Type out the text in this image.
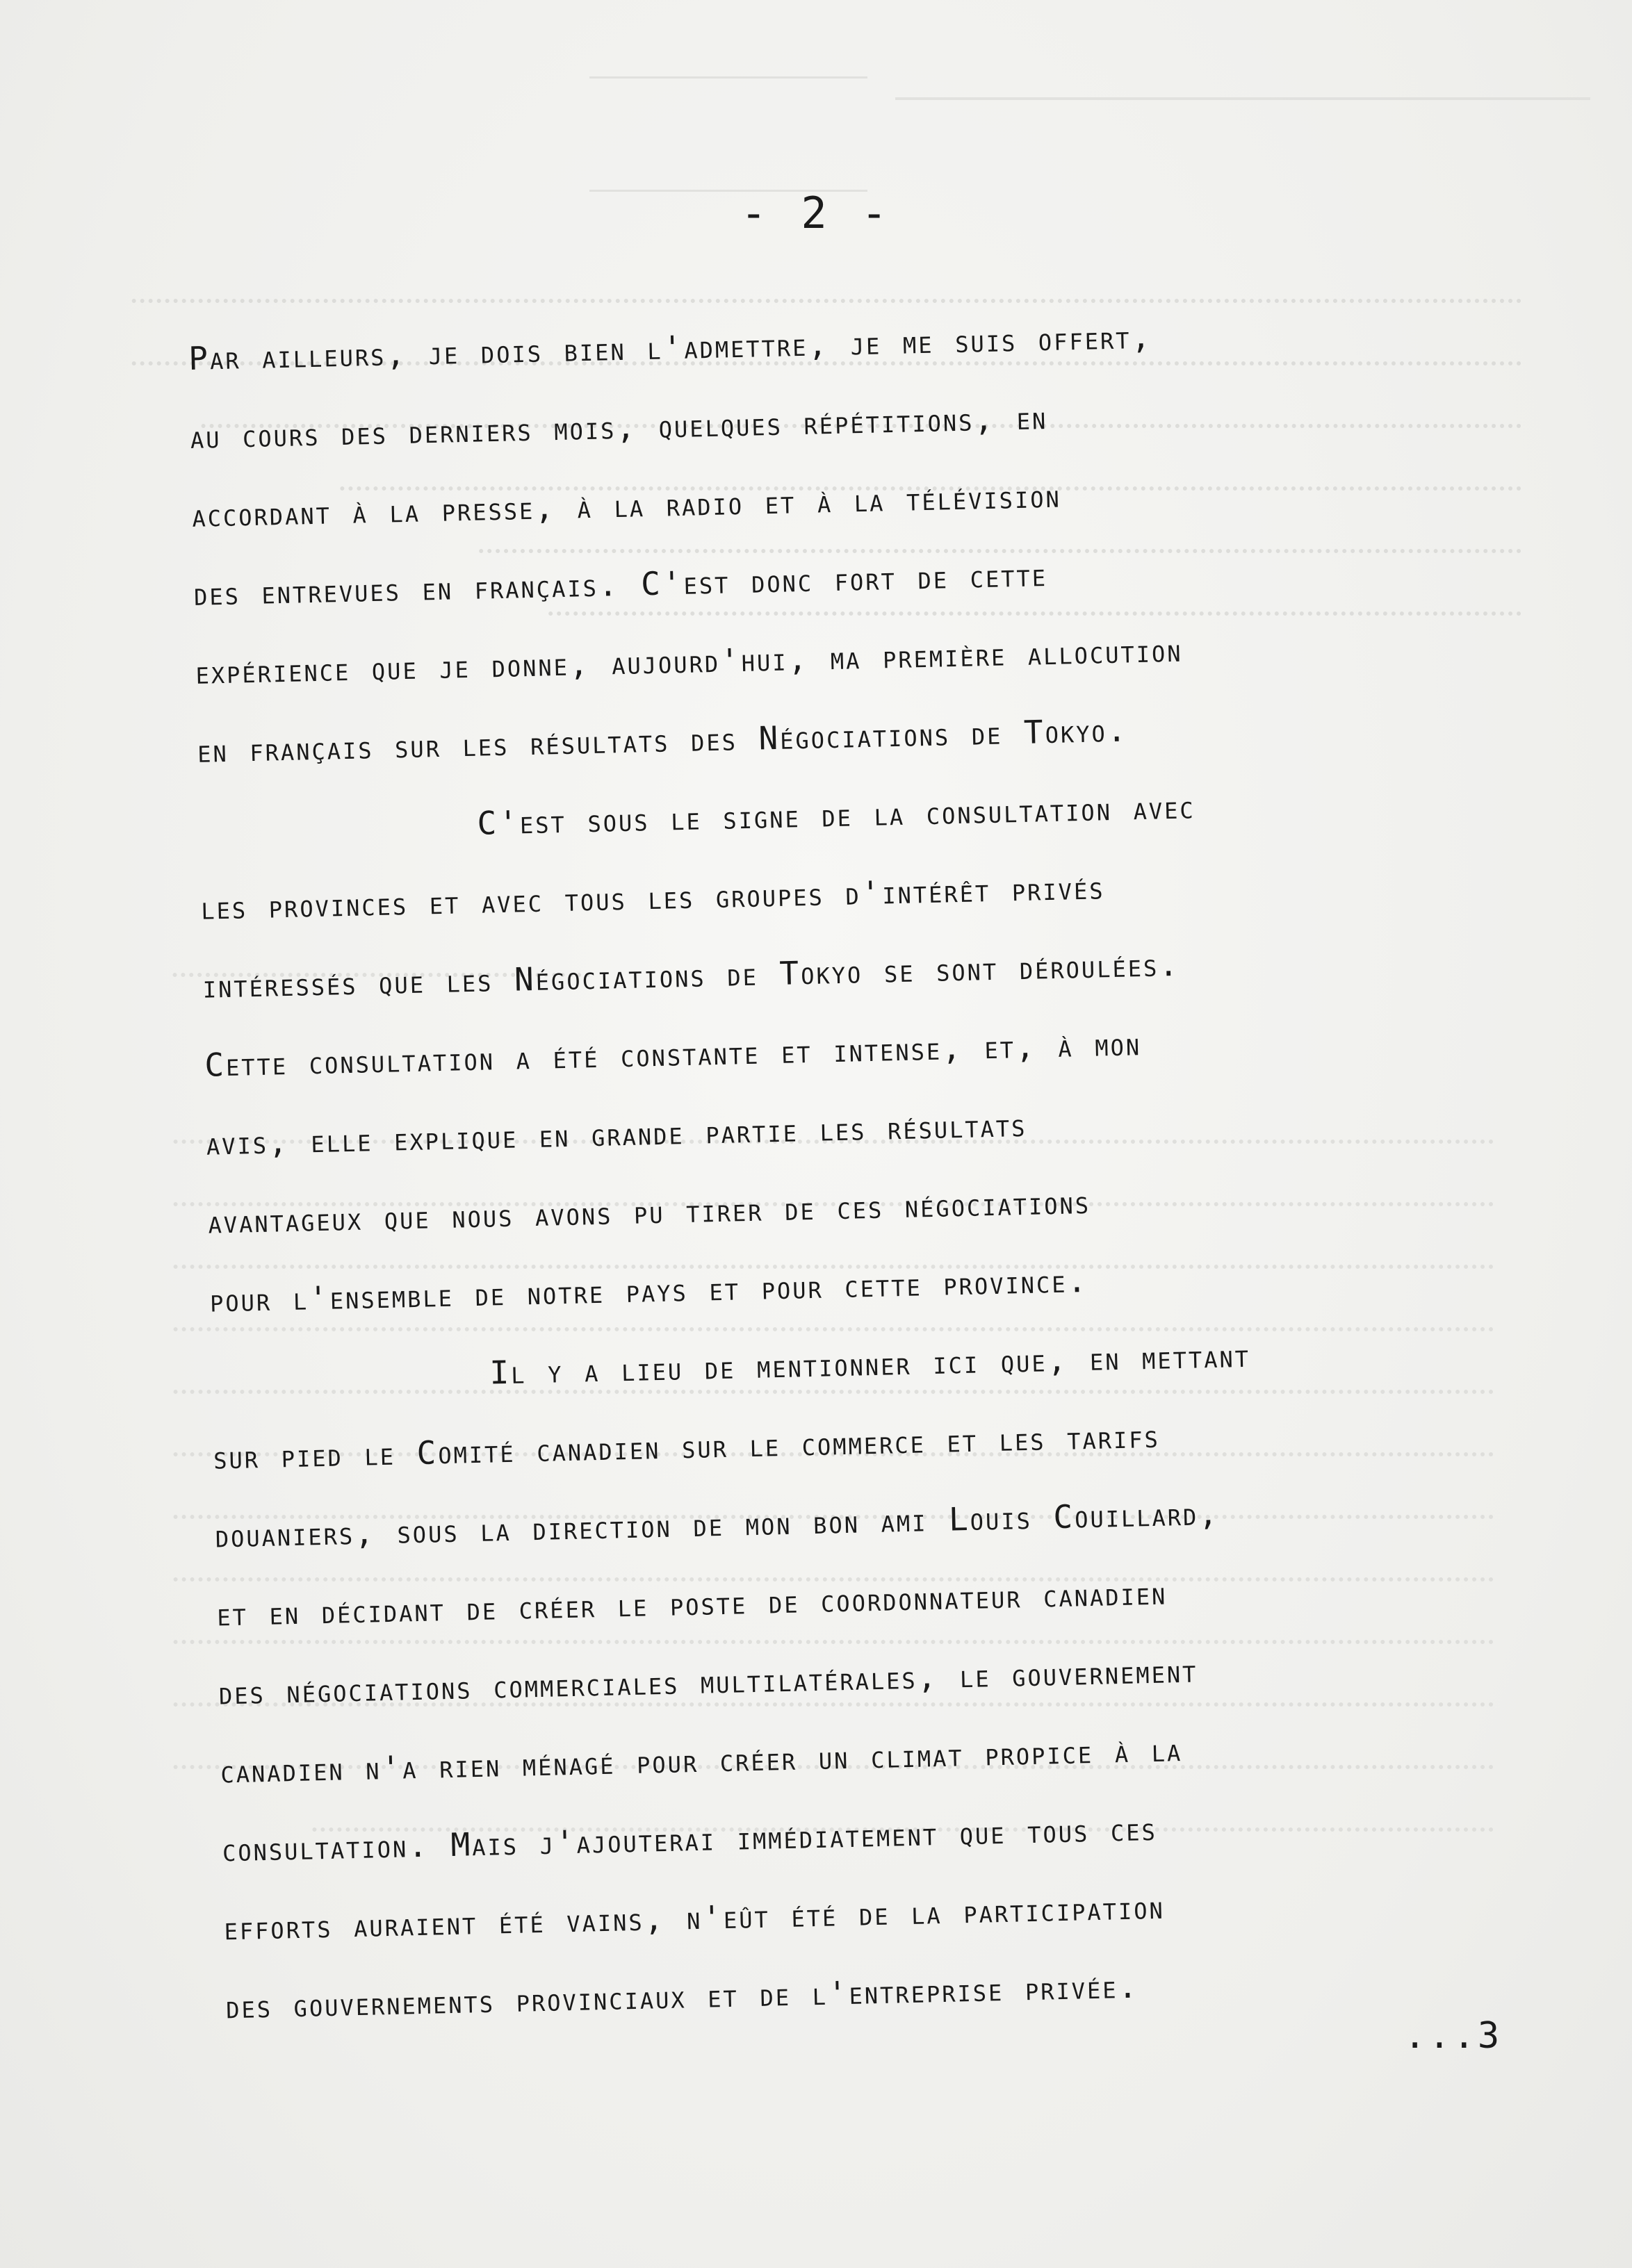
- 2 -
Par ailleurs, je dois bien l'admettre, je me suis offert,
au cours des derniers mois, quelques répétitions, en
accordant à la presse, à la radio et à la télévision
des entrevues en français. C'est donc fort de cette
expérience que je donne, aujourd'hui, ma première allocution
en français sur les résultats des Négociations de Tokyo.
C'est sous le signe de la consultation avec
les provinces et avec tous les groupes d'intérêt privés
intéressés que les Négociations de Tokyo se sont déroulées.
Cette consultation a été constante et intense, et, à mon
avis, elle explique en grande partie les résultats
avantageux que nous avons pu tirer de ces négociations
pour l'ensemble de notre pays et pour cette province.
Il y a lieu de mentionner ici que, en mettant
sur pied le Comité canadien sur le commerce et les tarifs
douaniers, sous la direction de mon bon ami Louis Couillard,
et en décidant de créer le poste de coordonnateur canadien
des négociations commerciales multilatérales, le gouvernement
canadien n'a rien ménagé pour créer un climat propice à la
consultation. Mais j'ajouterai immédiatement que tous ces
efforts auraient été vains, n'eût été de la participation
des gouvernements provinciaux et de l'entreprise privée.
...3
